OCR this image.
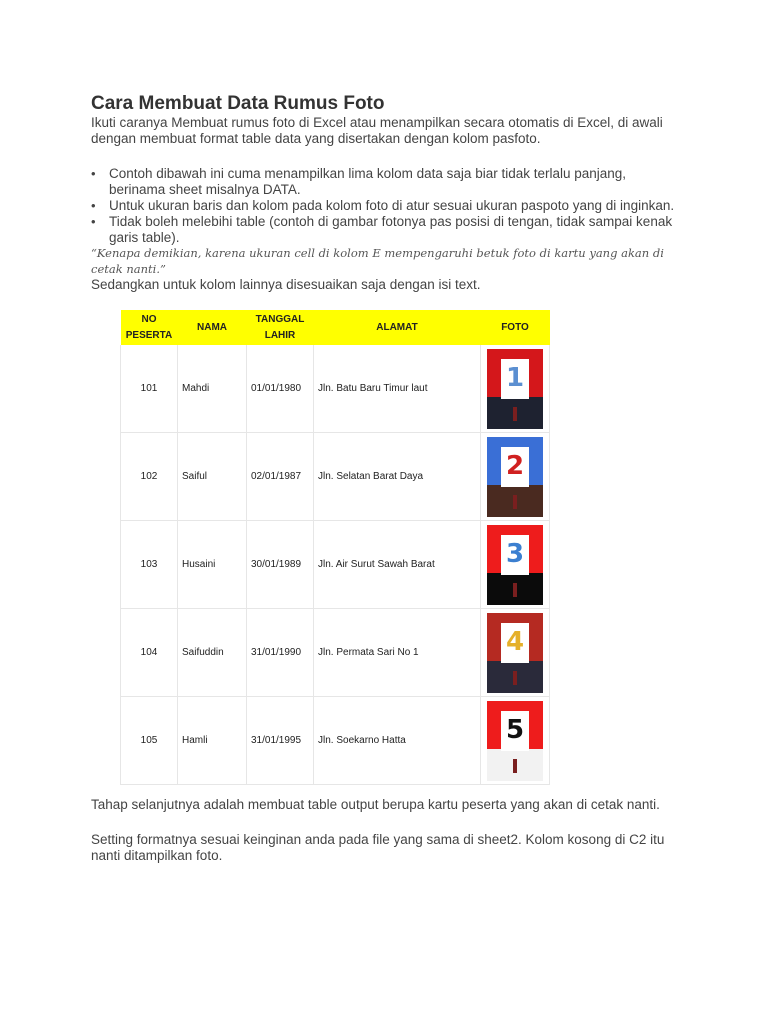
Cara Membuat Data Rumus Foto

Ikuti caranya Membuat rumus foto di Excel atau menampilkan secara otomatis di Excel, di awali dengan membuat format table data yang disertakan dengan kolom pasfoto.

• Contoh dibawah ini cuma menampilkan lima kolom data saja biar tidak terlalu panjang, berinama sheet misalnya DATA.
• Untuk ukuran baris dan kolom pada kolom foto di atur sesuai ukuran paspoto yang di inginkan.
• Tidak boleh melebihi table (contoh di gambar fotonya pas posisi di tengan, tidak sampai kenak garis table).

“Kenapa demikian, karena ukuran cell di kolom E mempengaruhi betuk foto di kartu yang akan di cetak nanti.”

Sedangkan untuk kolom lainnya disesuaikan saja dengan isi text.

NO PESERTA	NAMA	TANGGAL LAHIR	ALAMAT	FOTO
101	Mahdi	01/01/1980	Jln. Batu Baru Timur laut	1

102	Saiful	02/01/1987	Jln. Selatan Barat Daya	2

103	Husaini	30/01/1989	Jln. Air Surut Sawah Barat	3

104	Saifuddin	31/01/1990	Jln. Permata Sari No 1	4

105	Hamli	31/01/1995	Jln. Soekarno Hatta	5

Tahap selanjutnya adalah membuat table output berupa kartu peserta yang akan di cetak nanti.

Setting formatnya sesuai keinginan anda pada file yang sama di sheet2. Kolom kosong di C2 itu nanti ditampilkan foto.
